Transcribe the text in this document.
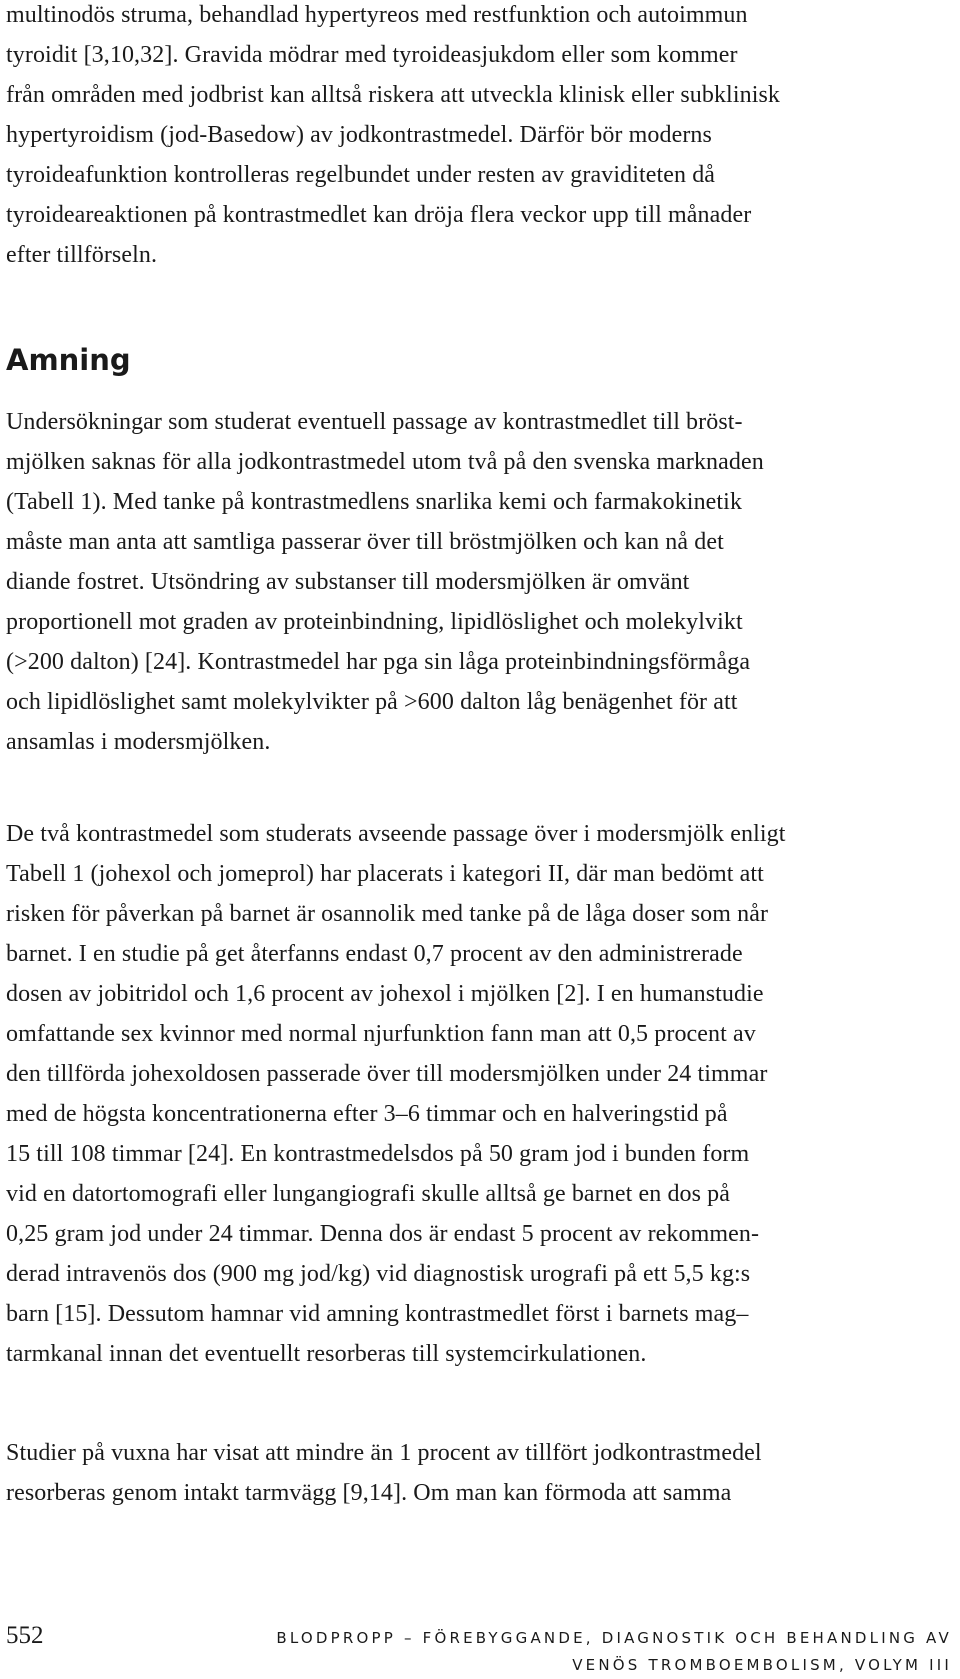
multinodös struma, behandlad hypertyreos med restfunktion och autoimmun
tyroidit [3,10,32]. Gravida mödrar med tyroideasjukdom eller som kommer
från områden med jodbrist kan alltså riskera att utveckla klinisk eller subklinisk
hypertyroidism (jod-Basedow) av jodkontrastmedel. Därför bör moderns
tyroideafunktion kontrolleras regelbundet under resten av graviditeten då
tyroideareaktionen på kontrastmedlet kan dröja flera veckor upp till månader
efter tillförseln.

Amning

Undersökningar som studerat eventuell passage av kontrastmedlet till bröst-
mjölken saknas för alla jodkontrastmedel utom två på den svenska marknaden
(Tabell 1). Med tanke på kontrastmedlens snarlika kemi och farmakokinetik
måste man anta att samtliga passerar över till bröstmjölken och kan nå det
diande fostret. Utsöndring av substanser till modersmjölken är omvänt
proportionell mot graden av proteinbindning, lipidlöslighet och molekylvikt
(>200 dalton) [24]. Kontrastmedel har pga sin låga proteinbindningsförmåga
och lipidlöslighet samt molekylvikter på >600 dalton låg benägenhet för att
ansamlas i modersmjölken.

De två kontrastmedel som studerats avseende passage över i modersmjölk enligt
Tabell 1 (johexol och jomeprol) har placerats i kategori II, där man bedömt att
risken för påverkan på barnet är osannolik med tanke på de låga doser som når
barnet. I en studie på get återfanns endast 0,7 procent av den administrerade
dosen av jobitridol och 1,6 procent av johexol i mjölken [2]. I en humanstudie
omfattande sex kvinnor med normal njurfunktion fann man att 0,5 procent av
den tillförda johexoldosen passerade över till modersmjölken under 24 timmar
med de högsta koncentrationerna efter 3–6 timmar och en halveringstid på
15 till 108 timmar [24]. En kontrastmedelsdos på 50 gram jod i bunden form
vid en datortomografi eller lungangiografi skulle alltså ge barnet en dos på
0,25 gram jod under 24 timmar. Denna dos är endast 5 procent av rekommen-
derad intravenös dos (900 mg jod/kg) vid diagnostisk urografi på ett 5,5 kg:s
barn [15]. Dessutom hamnar vid amning kontrastmedlet först i barnets mag–
tarmkanal innan det eventuellt resorberas till systemcirkulationen.

Studier på vuxna har visat att mindre än 1 procent av tillfört jodkontrastmedel
resorberas genom intakt tarmvägg [9,14]. Om man kan förmoda att samma

552	BLODPROPP – FÖREBYGGANDE, DIAGNOSTIK OCH BEHANDLING AV
VENÖS TROMBOEMBOLISM, VOLYM III
